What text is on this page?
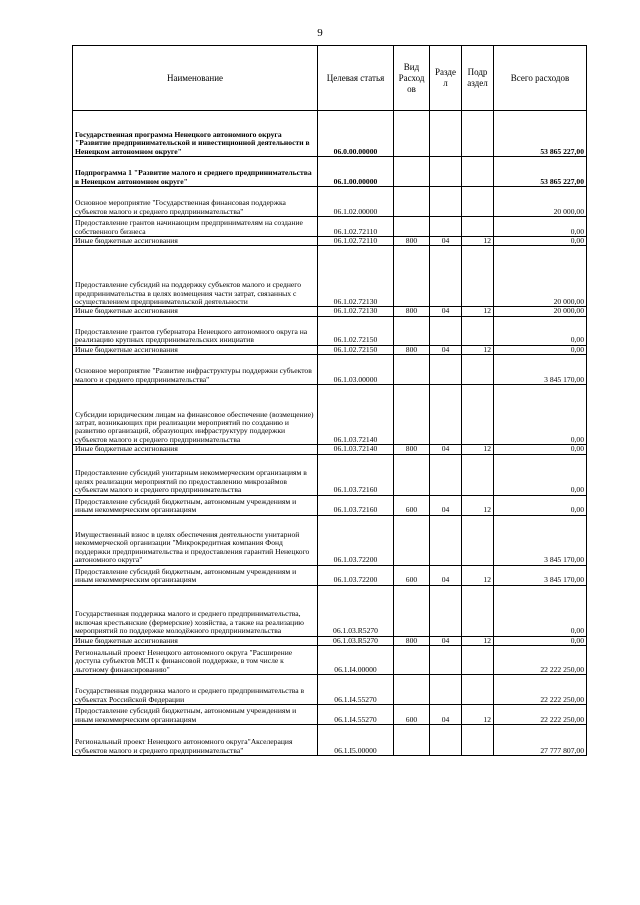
9
Наименование	Целевая статья	Вид Расход ов	Разде л	Подр аздел	Всего расходов
Государственная программа Ненецкого автономного округа "Развитие предпринимательской и инвестиционной деятельности в Ненецком автономном округе"	06.0.00.00000				53 865 227,00
Подпрограмма 1 "Развитие малого и среднего предпринимательства в Ненецком автономном округе"	06.1.00.00000				53 865 227,00
Основное мероприятие "Государственная финансовая поддержка субъектов малого и среднего предпринимательства"	06.1.02.00000				20 000,00
Предоставление грантов начинающим предпринимателям на создание собственного бизнеса	06.1.02.72110				0,00
Иные бюджетные ассигнования	06.1.02.72110	800	04	12	0,00
Предоставление субсидий на поддержку субъектов малого и среднего предпринимательства в целях возмещения части затрат, связанных с осуществлением предпринимательской деятельности	06.1.02.72130				20 000,00
Иные бюджетные ассигнования	06.1.02.72130	800	04	12	20 000,00
Предоставление грантов губернатора Ненецкого автономного округа на реализацию крупных предпринимательских инициатив	06.1.02.72150				0,00
Иные бюджетные ассигнования	06.1.02.72150	800	04	12	0,00
Основное мероприятие "Развитие инфраструктуры поддержки субъектов малого и среднего предпринимательства"	06.1.03.00000				3 845 170,00
Субсидии юридическим лицам на финансовое обеспечение (возмещение) затрат, возникающих при реализации мероприятий по созданию и развитию организаций, образующих инфраструктуру поддержки субъектов малого и среднего предпринимательства	06.1.03.72140				0,00
Иные бюджетные ассигнования	06.1.03.72140	800	04	12	0,00
Предоставление субсидий унитарным некоммерческим организациям в целях реализации мероприятий по предоставлению микрозаймов субъектам малого и среднего предпринимательства	06.1.03.72160				0,00
Предоставление субсидий бюджетным, автономным учреждениям и иным некоммерческим организациям	06.1.03.72160	600	04	12	0,00
Имущественный взнос в целях обеспечения деятельности унитарной некоммерческой организации "Микрокредитная компания Фонд поддержки предпринимательства и предоставления гарантий Ненецкого автономного округа"	06.1.03.72200				3 845 170,00
Предоставление субсидий бюджетным, автономным учреждениям и иным некоммерческим организациям	06.1.03.72200	600	04	12	3 845 170,00
Государственная поддержка малого и среднего предпринимательства, включая крестьянские (фермерские) хозяйства, а также на реализацию мероприятий по поддержке молодёжного предпринимательства	06.1.03.R5270				0,00
Иные бюджетные ассигнования	06.1.03.R5270	800	04	12	0,00
Региональный проект Ненецкого автономного округа "Расширение доступа субъектов МСП к финансовой поддержке, в том числе к льготному финансированию"	06.1.I4.00000				22 222 250,00
Государственная поддержка малого и среднего предпринимательства в субъектах Российской Федерации	06.1.I4.55270				22 222 250,00
Предоставление субсидий бюджетным, автономным учреждениям и иным некоммерческим организациям	06.1.I4.55270	600	04	12	22 222 250,00
Региональный проект Ненецкого автономного округа"Акселерация субъектов малого и среднего предпринимательства"	06.1.I5.00000				27 777 807,00
